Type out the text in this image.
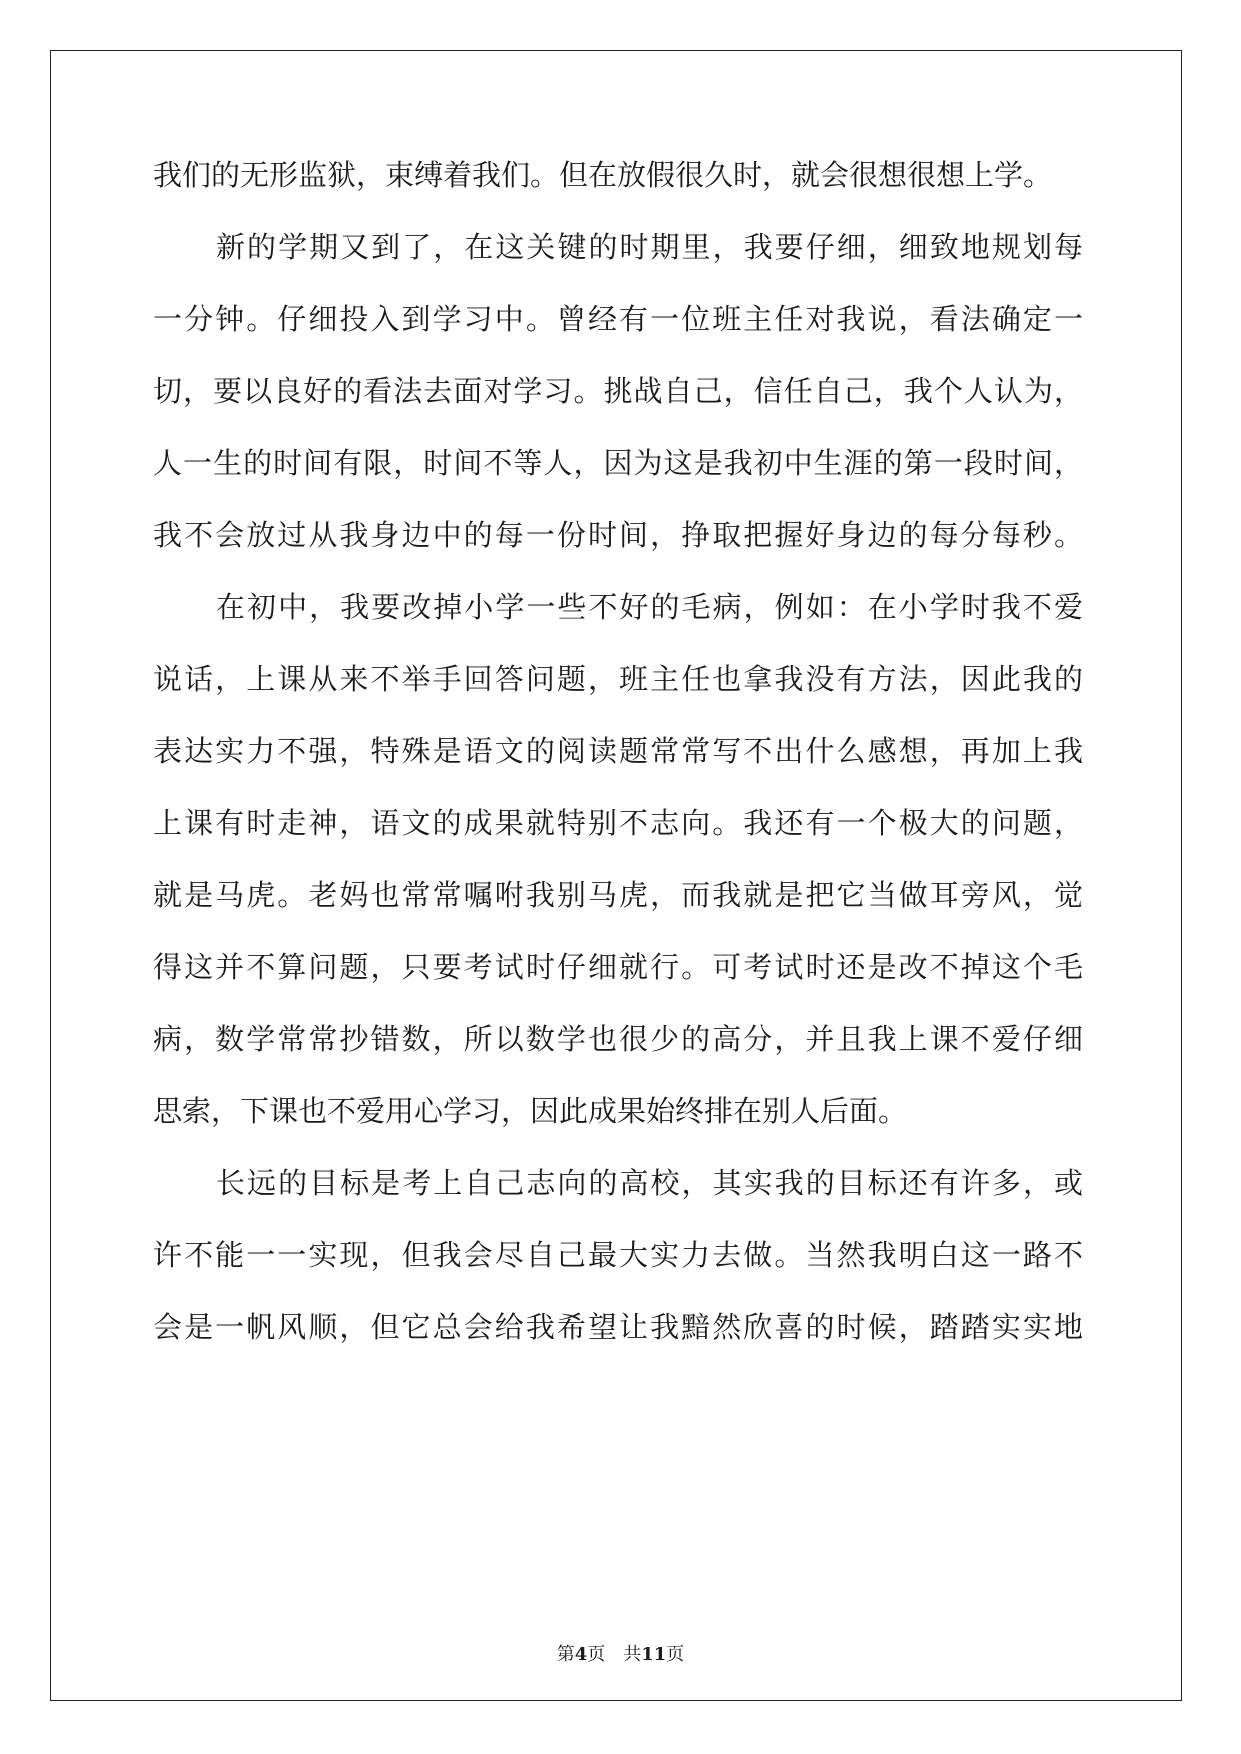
我们的无形监狱，束缚着我们。但在放假很久时，就会很想很想上学。
新的学期又到了，在这关键的时期里，我要仔细，细致地规划每
一分钟。仔细投入到学习中。曾经有一位班主任对我说，看法确定一
切，要以良好的看法去面对学习。挑战自己，信任自己，我个人认为，
人一生的时间有限，时间不等人，因为这是我初中生涯的第一段时间，
我不会放过从我身边中的每一份时间，挣取把握好身边的每分每秒。
在初中，我要改掉小学一些不好的毛病，例如：在小学时我不爱
说话，上课从来不举手回答问题，班主任也拿我没有方法，因此我的
表达实力不强，特殊是语文的阅读题常常写不出什么感想，再加上我
上课有时走神，语文的成果就特别不志向。我还有一个极大的问题，
就是马虎。老妈也常常嘱咐我别马虎，而我就是把它当做耳旁风，觉
得这并不算问题，只要考试时仔细就行。可考试时还是改不掉这个毛
病，数学常常抄错数，所以数学也很少的高分，并且我上课不爱仔细
思索，下课也不爱用心学习，因此成果始终排在别人后面。
长远的目标是考上自己志向的高校，其实我的目标还有许多，或
许不能一一实现，但我会尽自己最大实力去做。当然我明白这一路不
会是一帆风顺，但它总会给我希望让我黯然欣喜的时候，踏踏实实地
第4页　共11页
